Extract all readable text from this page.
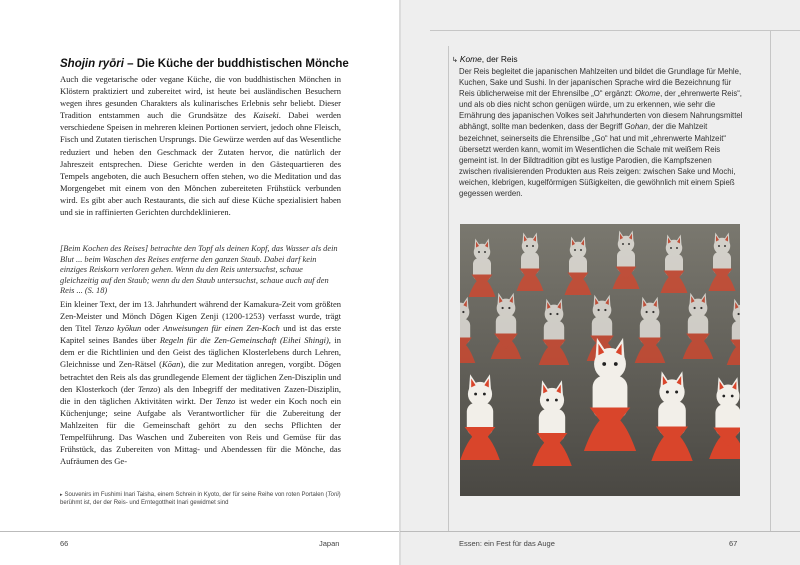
Shojin ryōri – Die Küche der buddhistischen Mönche
Auch die vegetarische oder vegane Küche, die von buddhistischen Mönchen in Klöstern praktiziert und zubereitet wird, ist heute bei ausländischen Besuchern wegen ihres gesunden Charakters als kulinarisches Erlebnis sehr beliebt. Dieser Tradition entstammen auch die Grundsätze des Kaiseki. Dabei werden verschiedene Speisen in mehreren kleinen Portionen serviert, jedoch ohne Fleisch, Fisch und Zutaten tierischen Ursprungs. Die Gewürze werden auf das Wesentliche reduziert und heben den Geschmack der Zutaten hervor, die natürlich der Jahreszeit entsprechen. Diese Gerichte werden in den Gästequartieren des Tempels angeboten, die auch Besuchern offen stehen, wo die Meditation und das Morgengebet mit einem von den Mönchen zubereiteten Frühstück verbunden wird. Es gibt aber auch Restaurants, die sich auf diese Küche spezialisiert haben und sie in raffinierten Gerichten durchdeklinieren.
[Beim Kochen des Reises] betrachte den Topf als deinen Kopf, das Wasser als dein Blut ... beim Waschen des Reises entferne den ganzen Staub. Dabei darf kein einziges Reiskorn verloren gehen. Wenn du den Reis untersuchst, schaue gleichzeitig auf den Staub; wenn du den Staub untersuchst, schaue auch auf den Reis ... (S. 18)
Ein kleiner Text, der im 13. Jahrhundert während der Kamakura-Zeit vom größten Zen-Meister und Mönch Dōgen Kigen Zenji (1200-1253) verfasst wurde, trägt den Titel Tenzo kyōkun oder Anweisungen für einen Zen-Koch und ist das erste Kapitel seines Bandes über Regeln für die Zen-Gemeinschaft (Eihei Shingi), in dem er die Richtlinien und den Geist des täglichen Klosterlebens durch Lehren, Gleichnisse und Zen-Rätsel (Kōan), die zur Meditation anregen, vorgibt. Dōgen betrachtet den Reis als das grundlegende Element der täglichen Zen-Disziplin und den Klosterkoch (der Tenzo) als den Inbegriff der meditativen Zazen-Disziplin, die in den täglichen Aktivitäten wirkt. Der Tenzo ist weder ein Koch noch ein Küchenjunge; seine Aufgabe als Verantwortlicher für die Zubereitung der Mahlzeiten für die Gemeinschaft gehört zu den sechs Pflichten der Tempelführung. Das Waschen und Zubereiten von Reis und Gemüse für das Frühstück, das Zubereiten von Mittag- und Abendessen für die Mönche, das Aufräumen des Ge-
▸ Souvenirs im Fushimi Inari Taisha, einem Schrein in Kyoto, der für seine Reihe von roten Portalen (Torii) berühmt ist, der der Reis- und Erntegottheit Inari gewidmet sind
66	Japan
↳ Kome, der Reis
Der Reis begleitet die japanischen Mahlzeiten und bildet die Grundlage für Mehle, Kuchen, Sake und Sushi. In der japanischen Sprache wird die Bezeichnung für Reis üblicherweise mit der Ehrensilbe „O“ ergänzt: Okome, der „ehrenwerte Reis“, und als ob dies nicht schon genügen würde, um zu erkennen, wie sehr die Ernährung des japanischen Volkes seit Jahrhunderten von diesem Nahrungsmittel abhängt, sollte man bedenken, dass der Begriff Gohan, der die Mahlzeit bezeichnet, seinerseits die Ehrensilbe „Go“ hat und mit „ehrenwerte Mahlzeit“ übersetzt werden kann, womit im Wesentlichen die Schale mit weißem Reis gemeint ist. In der Bildtradition gibt es lustige Parodien, die Kampfszenen zwischen rivalisierenden Produkten aus Reis zeigen: zwischen Sake und Mochi, weichen, klebrigen, kugelförmigen Süßigkeiten, die gewöhnlich mit einem Spieß gegessen werden.
Essen: ein Fest für das Auge	67
